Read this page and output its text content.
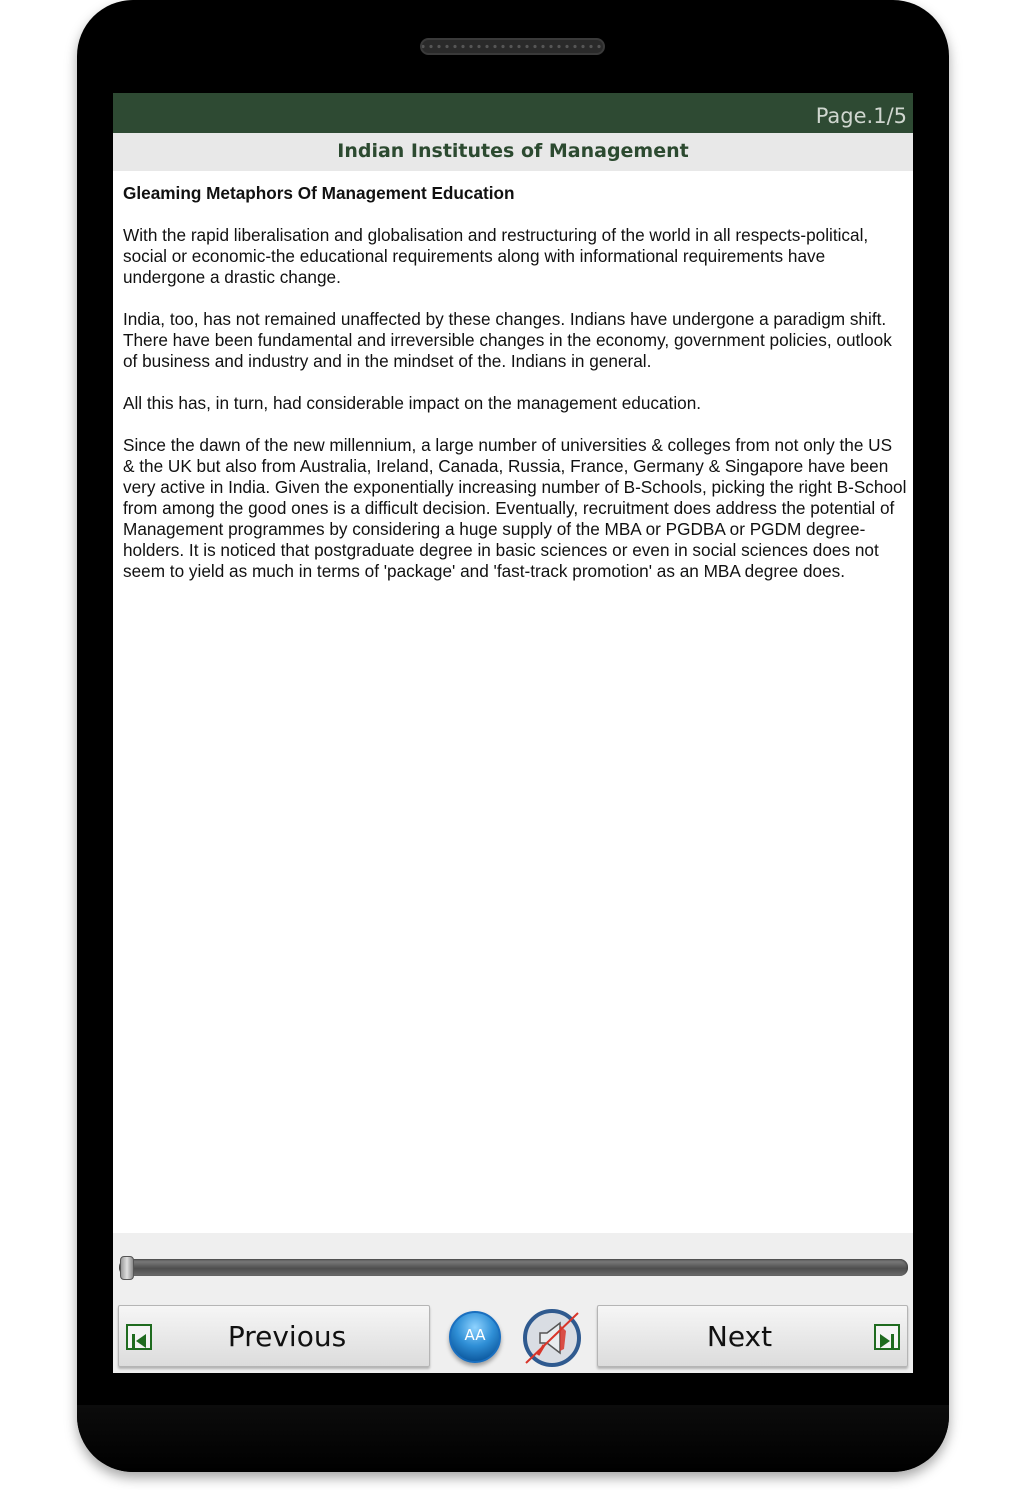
Page.1/5
Indian Institutes of Management
Gleaming Metaphors Of Management Education

With the rapid liberalisation and globalisation and restructuring of the world in all respects-political, social or economic-the educational requirements along with informational requirements have undergone a drastic change.

India, too, has not remained unaffected by these changes. Indians have undergone a paradigm shift. There have been fundamental and irreversible changes in the economy, government policies, outlook of business and industry and in the mindset of the. Indians in general.

All this has, in turn, had considerable impact on the management education.

Since the dawn of the new millennium, a large number of universities & colleges from not only the US & the UK but also from Australia, Ireland, Canada, Russia, France, Germany & Singapore have been very active in India. Given the exponentially increasing number of B-Schools, picking the right B-School from among the good ones is a difficult decision. Eventually, recruitment does address the potential of Management programmes by considering a huge supply of the MBA or PGDBA or PGDM degree-holders. It is noticed that postgraduate degree in basic sciences or even in social sciences does not seem to yield as much in terms of 'package' and 'fast-track promotion' as an MBA degree does.

Previous	AA	Next
